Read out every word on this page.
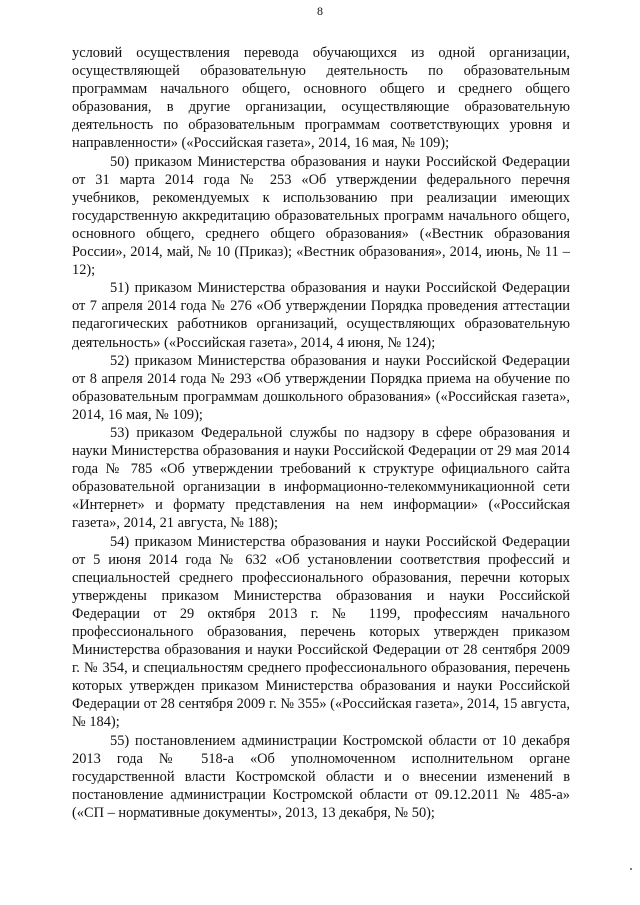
8

условий осуществления перевода обучающихся из одной организации, осуществляющей образовательную деятельность по образовательным программам начального общего, основного общего и среднего общего образования, в другие организации, осуществляющие образовательную деятельность по образовательным программам соответствующих уровня и направленности» («Российская газета», 2014, 16 мая, № 109);

50) приказом Министерства образования и науки Российской Федерации от 31 марта 2014 года № 253 «Об утверждении федерального перечня учебников, рекомендуемых к использованию при реализации имеющих государственную аккредитацию образовательных программ начального общего, основного общего, среднего общего образования» («Вестник образования России», 2014, май, № 10 (Приказ); «Вестник образования», 2014, июнь, № 11 – 12);

51) приказом Министерства образования и науки Российской Федерации от 7 апреля 2014 года № 276 «Об утверждении Порядка проведения аттестации педагогических работников организаций, осуществляющих образовательную деятельность» («Российская газета», 2014, 4 июня, № 124);

52) приказом Министерства образования и науки Российской Федерации от 8 апреля 2014 года № 293 «Об утверждении Порядка приема на обучение по образовательным программам дошкольного образования» («Российская газета», 2014, 16 мая, № 109);

53) приказом Федеральной службы по надзору в сфере образования и науки Министерства образования и науки Российской Федерации от 29 мая 2014 года № 785 «Об утверждении требований к структуре официального сайта образовательной организации в информационно-телекоммуникационной сети «Интернет» и формату представления на нем информации» («Российская газета», 2014, 21 августа, № 188);

54) приказом Министерства образования и науки Российской Федерации от 5 июня 2014 года № 632 «Об установлении соответствия профессий и специальностей среднего профессионального образования, перечни которых утверждены приказом Министерства образования и науки Российской Федерации от 29 октября 2013 г. № 1199, профессиям начального профессионального образования, перечень которых утвержден приказом Министерства образования и науки Российской Федерации от 28 сентября 2009 г. № 354, и специальностям среднего профессионального образования, перечень которых утвержден приказом Министерства образования и науки Российской Федерации от 28 сентября 2009 г. № 355» («Российская газета», 2014, 15 августа, № 184);

55) постановлением администрации Костромской области от 10 декабря 2013 года № 518-а «Об уполномоченном исполнительном органе государственной власти Костромской области и о внесении изменений в постановление администрации Костромской области от 09.12.2011 № 485-а» («СП – нормативные документы», 2013, 13 декабря, № 50);
